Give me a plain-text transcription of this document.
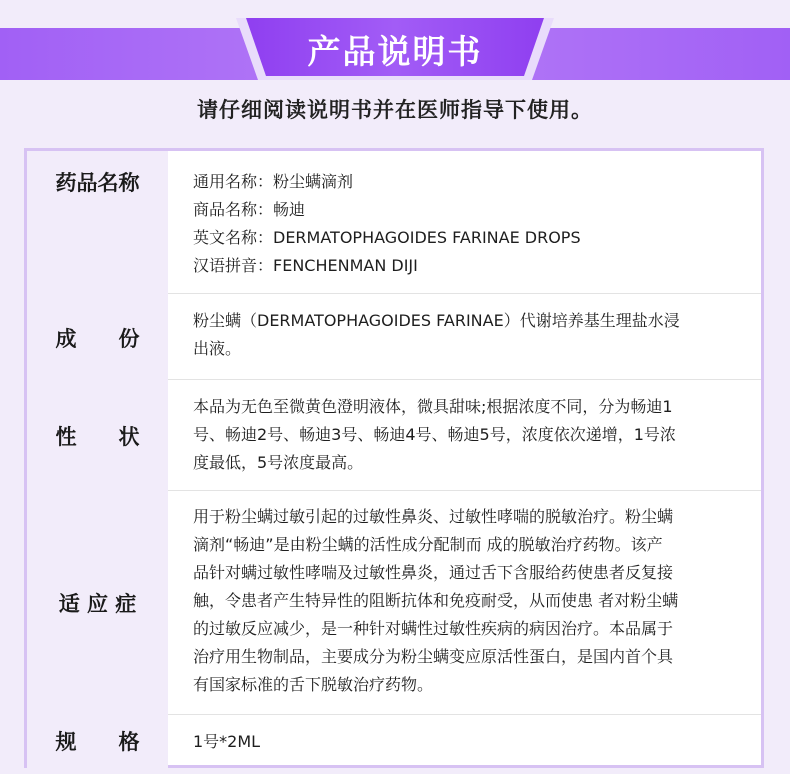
产品说明书
请仔细阅读说明书并在医师指导下使用。
药品名称	通用名称：粉尘螨滴剂
商品名称：畅迪
英文名称：DERMATOPHAGOIDES FARINAE DROPS
汉语拼音：FENCHENMAN DIJI
成　　份
粉尘螨（DERMATOPHAGOIDES FARINAE）代谢培养基生理盐水浸
出液。
性　　状
本品为无色至微黄色澄明液体，微具甜味;根据浓度不同，分为畅迪1
号、畅迪2号、畅迪3号、畅迪4号、畅迪5号，浓度依次递增，1号浓
度最低，5号浓度最高。
适 应 症
用于粉尘螨过敏引起的过敏性鼻炎、过敏性哮喘的脱敏治疗。粉尘螨
滴剂“畅迪”是由粉尘螨的活性成分配制而 成的脱敏治疗药物。该产
品针对螨过敏性哮喘及过敏性鼻炎，通过舌下含服给药使患者反复接
触，令患者产生特异性的阻断抗体和免疫耐受，从而使患 者对粉尘螨
的过敏反应减少，是一种针对螨性过敏性疾病的病因治疗。本品属于
治疗用生物制品，主要成分为粉尘螨变应原活性蛋白，是国内首个具
有国家标准的舌下脱敏治疗药物。
规　　格	1号*2ML
